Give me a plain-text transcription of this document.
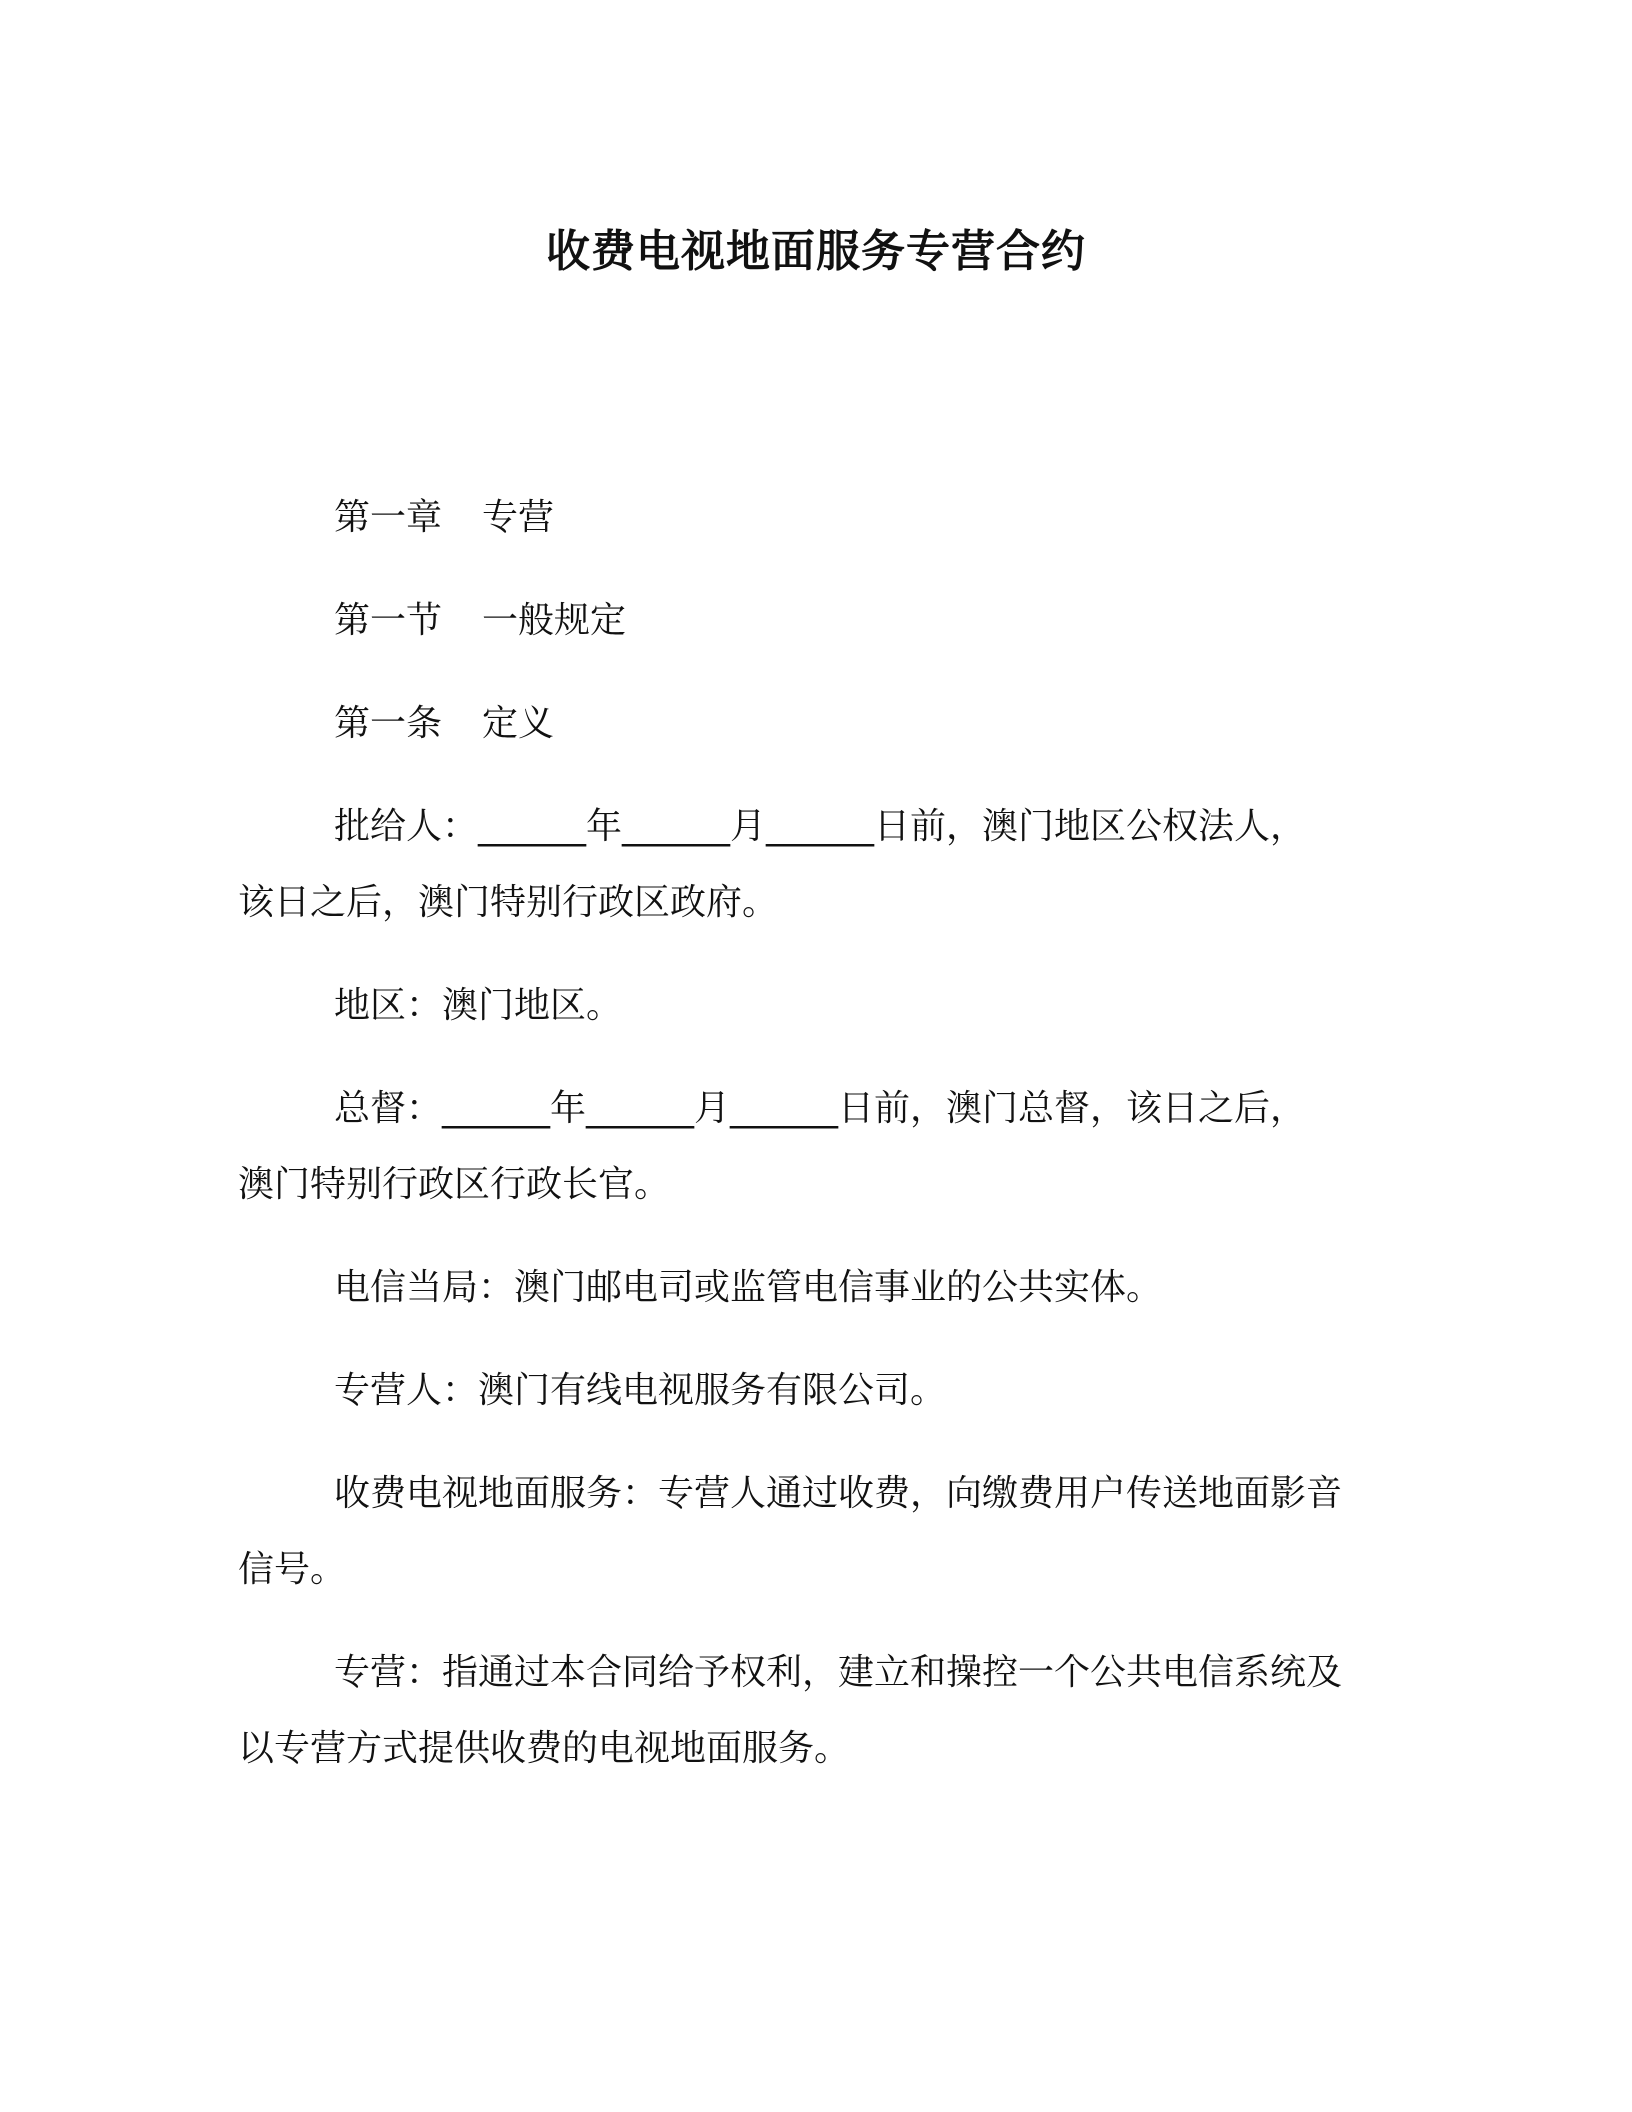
收费电视地面服务专营合约

第一章 专营

第一节 一般规定

第一条 定义

批给人：______年______月______日前，澳门地区公权法人，

该日之后，澳门特别行政区政府。

地区：澳门地区。

总督：______年______月______日前，澳门总督，该日之后，

澳门特别行政区行政长官。

电信当局：澳门邮电司或监管电信事业的公共实体。

专营人：澳门有线电视服务有限公司。

收费电视地面服务：专营人通过收费，向缴费用户传送地面影音

信号。

专营：指通过本合同给予权利，建立和操控一个公共电信系统及

以专营方式提供收费的电视地面服务。
